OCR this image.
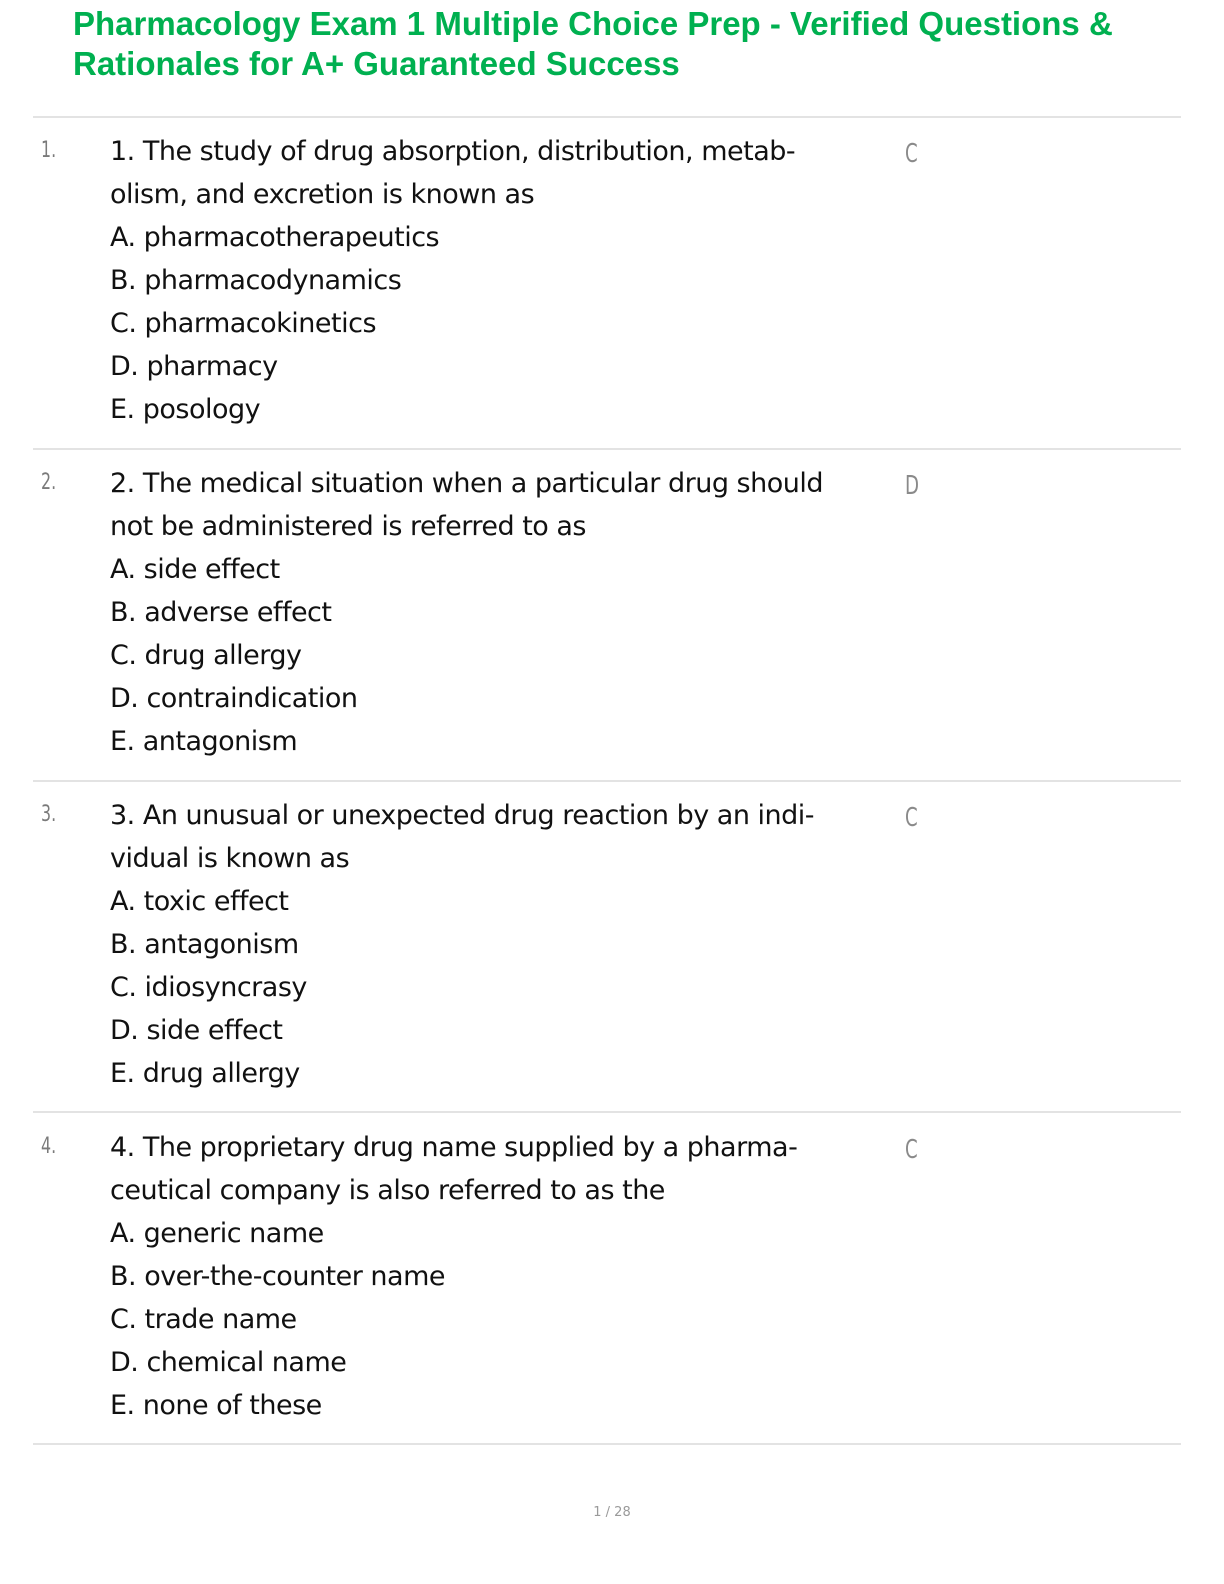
Pharmacology Exam 1 Multiple Choice Prep - Verified Questions & Rationales for A+ Guaranteed Success
1. 1. The study of drug absorption, distribution, metab-
olism, and excretion is known as
A. pharmacotherapeutics
B. pharmacodynamics
C. pharmacokinetics
D. pharmacy
E. posology
C
2. 2. The medical situation when a particular drug should
not be administered is referred to as
A. side effect
B. adverse effect
C. drug allergy
D. contraindication
E. antagonism
D
3. 3. An unusual or unexpected drug reaction by an indi-
vidual is known as
A. toxic effect
B. antagonism
C. idiosyncrasy
D. side effect
E. drug allergy
C
4. 4. The proprietary drug name supplied by a pharma-
ceutical company is also referred to as the
A. generic name
B. over-the-counter name
C. trade name
D. chemical name
E. none of these
C
1 / 28
